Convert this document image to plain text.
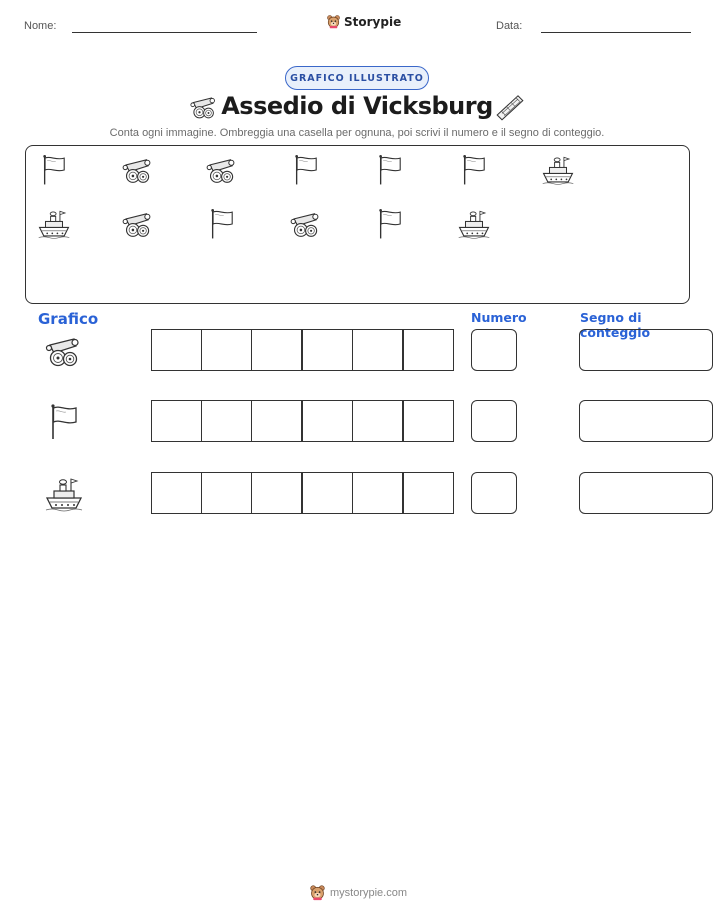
Nome:	Storypie	Data:
GRAFICO ILLUSTRATO
Assedio di Vicksburg
Conta ogni immagine. Ombreggia una casella per ognuna, poi scrivi il numero e il segno di conteggio.
Grafico	Numero	Segno di conteggio
mystorypie.com
